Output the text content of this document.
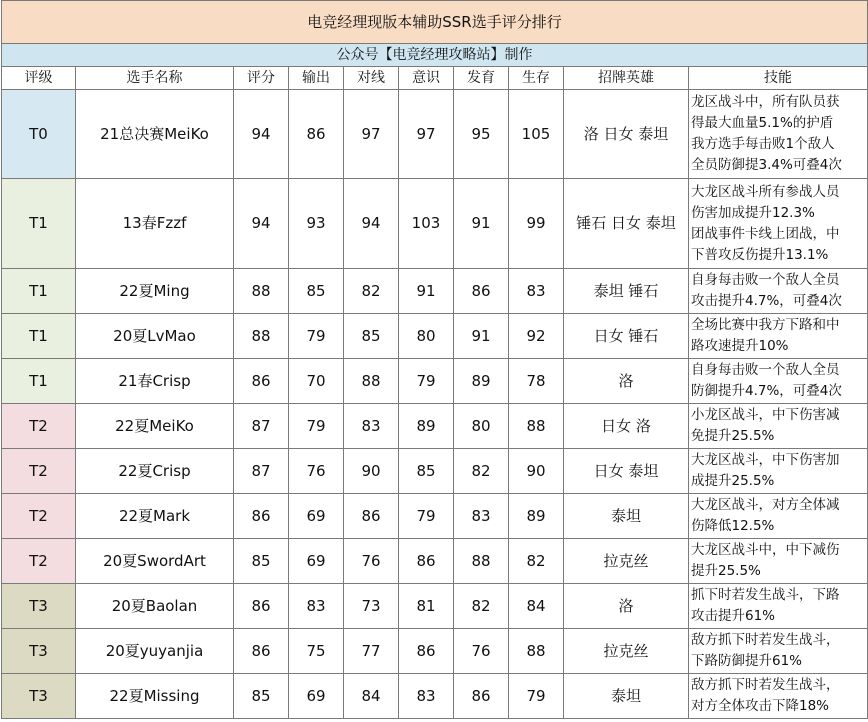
电竞经理现版本辅助SSR选手评分排行									
公众号【电竞经理攻略站】制作									
评级	选手名称	评分	输出	对线	意识	发育	生存	招牌英雄	技能
T0	21总决赛MeiKo	94	86	97	97	95	105	洛 日女 泰坦	龙区战斗中，所有队员获
得最大血量5.1%的护盾
我方选手每击败1个敌人
全员防御提3.4%可叠4次

T1	13春Fzzf	94	93	94	103	91	99	锤石 日女 泰坦	大龙区战斗所有参战人员
伤害加成提升12.3%
团战事件卡线上团战，中
下普攻反伤提升13.1%

T1	22夏Ming	88	85	82	91	86	83	泰坦 锤石	自身每击败一个敌人全员
攻击提升4.7%，可叠4次

T1	20夏LvMao	88	79	85	80	91	92	日女 锤石	全场比赛中我方下路和中
路攻速提升10%

T1	21春Crisp	86	70	88	79	89	78	洛	自身每击败一个敌人全员
防御提升4.7%，可叠4次

T2	22夏MeiKo	87	79	83	89	80	88	日女 洛	小龙区战斗，中下伤害减
免提升25.5%

T2	22夏Crisp	87	76	90	85	82	90	日女 泰坦	大龙区战斗，中下伤害加
成提升25.5%

T2	22夏Mark	86	69	86	79	83	89	泰坦	大龙区战斗，对方全体减
伤降低12.5%

T2	20夏SwordArt	85	69	76	86	88	82	拉克丝	大龙区战斗中，中下减伤
提升25.5%

T3	20夏Baolan	86	83	73	81	82	84	洛	抓下时若发生战斗，下路
攻击提升61%

T3	20夏yuyanjia	86	75	77	86	76	88	拉克丝	敌方抓下时若发生战斗，
下路防御提升61%

T3	22夏Missing	85	69	84	83	86	79	泰坦	敌方抓下时若发生战斗，
对方全体攻击下降18%
